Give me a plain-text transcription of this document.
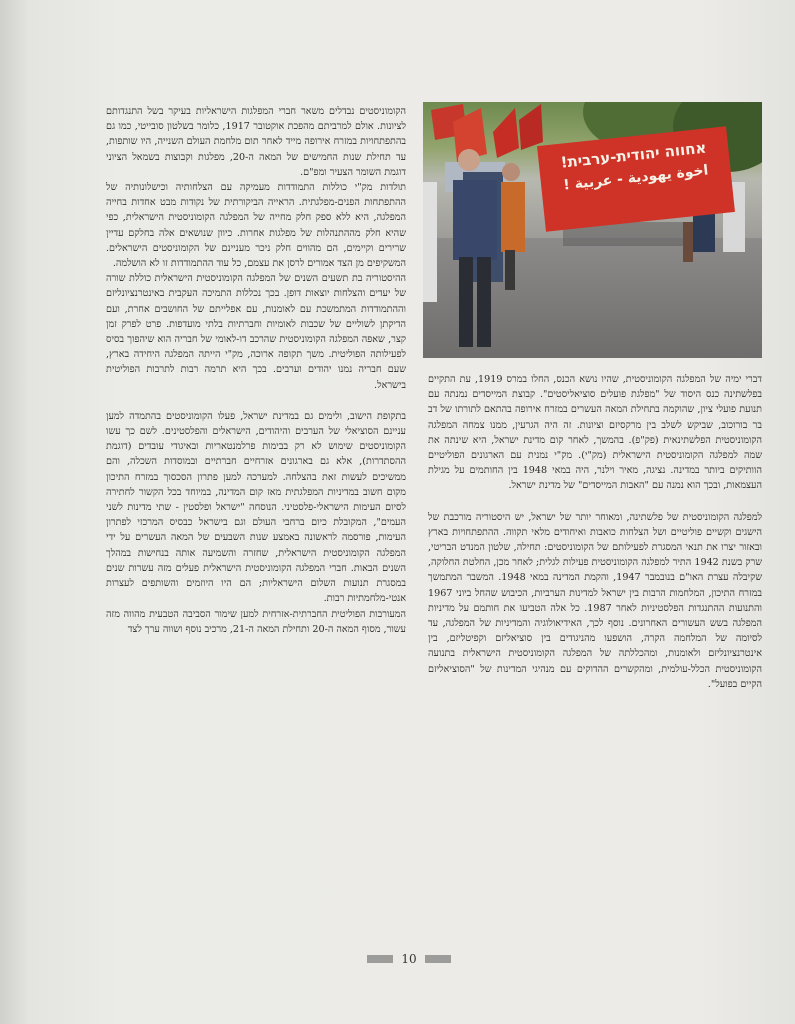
אחווה יהודית-ערבית!
اخوة يهودية - عربية !

הקומוניסטים נבדלים משאר חברי המפלגות הישראליות בעיקר בשל התנגדותם לציונות. אולם למרביתם מהפכת אוקטובר 1917, כלומר בשלטון סובייטי, כמו גם בהתפתחויות במזרח אירופה מייד לאחר תום מלחמת העולם השנייה, היו שותפות, עד תחילת שנות החמישים של המאה ה-20, מפלגות וקבוצות בשמאל הציוני דוגמת השומר הצעיר ומפ"ם.

תולדות מק"י כוללות התמודדות מעמיקה עם הצלחותיה וכישלונותיה של ההתפתחות הפנים-מפלגתית. הראייה הביקורתית של נקודות מבט אחדות בחייה המפלגה, היא ללא ספק חלק מחייה של המפלגה הקומוניסטית הישראלית, כפי שהיא חלק מההתנהלות של מפלגות אחרות. כיוון שנושאים אלה בחלקם עדיין שרירים וקיימים, הם מהווים חלק ניכר מעניינם של הקומוניסטים הישראלים. המשקיפים מן הצד אמורים לרסן את עצמם, כל עוד ההתמודדות זו לא הושלמה.

ההיסטוריה בת תשעים השנים של המפלגה הקומוניסטית הישראלית כוללת שורה של יעדים והצלחות יוצאות דופן. בכך נכללות התמיכה העקבית באינטרנציונליזם וההתמודדות המתמשכת עם לאומנות, עם אפלייתם של החושבים אחרת, ועם הדיקתן לשוליים של שכבות לאומיות וחברתיות בלתי מועדפות. פרט לפרק זמן קצר, שאפה המפלגה הקומוניסטית שהרכב דו-לאומי של חבריה הוא שיהפוך בסיס לפעילותה הפוליטית. משך תקופה ארוכה, מק"י הייתה המפלגה היחידה בארץ, שעם חבריה נמנו יהודים וערבים. בכך היא תרמה רבות לתרבות הפוליטית בישראל.

בתקופת הישוב, ולימים גם במדינת ישראל, פעלו הקומוניסטים בהתמדה למען עניינם הסוציאלי של הערבים והיהודים, הישראלים והפלסטינים. לשם כך עשו הקומוניסטים שימוש לא רק בבימות פרלמנטאריות ובאיגודי עובדים (דוגמת ההסתדרות), אלא גם בארגונים אזרחיים חברתיים ובמוסדות השכלה, והם ממשיכים לעשות זאת בהצלחה. למערכה למען פתרון הסכסוך במזרח התיכון מקום חשוב במדיניות המפלגתית מאז קום המדינה, במיוחד בכל הקשור לחתירה לסיום העימות הישראלי-פלסטיני. הנוסחה "ישראל ופלסטין - שתי מדינות לשני העמים", המקובלת כיום ברחבי העולם וגם בישראל כבסיס המרכזי לפתרון העימות, פורסמה לראשונה באמצע שנות השבעים של המאה העשרים על ידי המפלגה הקומוניסטית הישראלית, שחזרה והשמיעה אותה בנחישות במהלך השנים הבאות. חברי המפלגה הקומוניסטית הישראלית פעלים מזה עשרות שנים במסגרת תנועות השלום הישראליות; הם היו היוזמים והשותפים לעצרות אנטי-מלחמתיות רבות.

המעורבות הפוליטית החברתית-אזרחית למען שימור הסביבה הטבעית מהווה מזה עשור, מסוף המאה ה-20 ותחילת המאה ה-21, מרכיב נוסף ושווה ערך לצד

דברי ימיה של המפלגה הקומוניסטית, שהיו נושא הכנס, החלו במרס 1919, עת התקיים בפלשתינה כנס היסוד של "מפלגת פועלים סוציאליסטים". קבוצת המייסדים נמנתה עם תנועת פועלי ציון, שהוקמה בתחילת המאה העשרים במזרח אירופה בהתאם לתורתו של דב בר בורוכוב, שביקש לשלב בין מרקסיזם וציונות. זה היה הגרעין, ממנו צמחה המפלגה הקומוניסטית הפלשתינאית (פק"פ). בהמשך, לאחר קום מדינת ישראל, היא שינתה את שמה למפלגה הקומוניסטית הישראלית (מק"י). מק"י נמנית עם הארגונים הפוליטיים הוותיקים ביותר במדינה. נציגה, מאיר וילנר, היה במאי 1948 בין החותמים על מגילת העצמאות, ובכך הוא נמנה עם "האבות המייסדים" של מדינת ישראל.

למפלגה הקומוניסטית של פלשתינה, ומאוחר יותר של ישראל, יש היסטוריה מורכבת של הישגים וקשיים פוליטיים ושל הצלחות כואבות ואיחודים מלאי תקווה. ההתפתחויות בארץ ובאזור יצרו את תנאי המסגרת לפעילותם של הקומוניסטים: תחילה, שלטון המנדט הבריטי, שרק בשנת 1942 התיר למפלגה הקומוניסטית פעילות לגלית; לאחר מכן, החלטת החלוקה, שקיבלה עצרת האו"ם בנובמבר 1947, והקמת המדינה במאי 1948. המשבר המתמשך במזרח התיכון, המלחמות הרבות בין ישראל למדינות הערביות, הכיבוש שהחל ביוני 1967 והתנועות ההתנגדות הפלסטיניות לאחר 1987. כל אלה הטביעו את חותמם על מדיניות המפלגה בשש העשורים האחרונים. נוסף לכך, האידיאולוגיה והמדיניות של המפלגה, עד לסיומה של המלחמה הקרה, הושפעו מהניגודים בין סוציאליזם וקפיטליזם, בין אינטרנציונליזם ולאומנות, ומהכללתה של המפלגה הקומוניסטית הישראלית בתנועה הקומוניסטית הכלל-עולמית, ומהקשרים ההדוקים עם מנהיגי המדינות של "הסוציאליזם הקיים בפועל".

10
